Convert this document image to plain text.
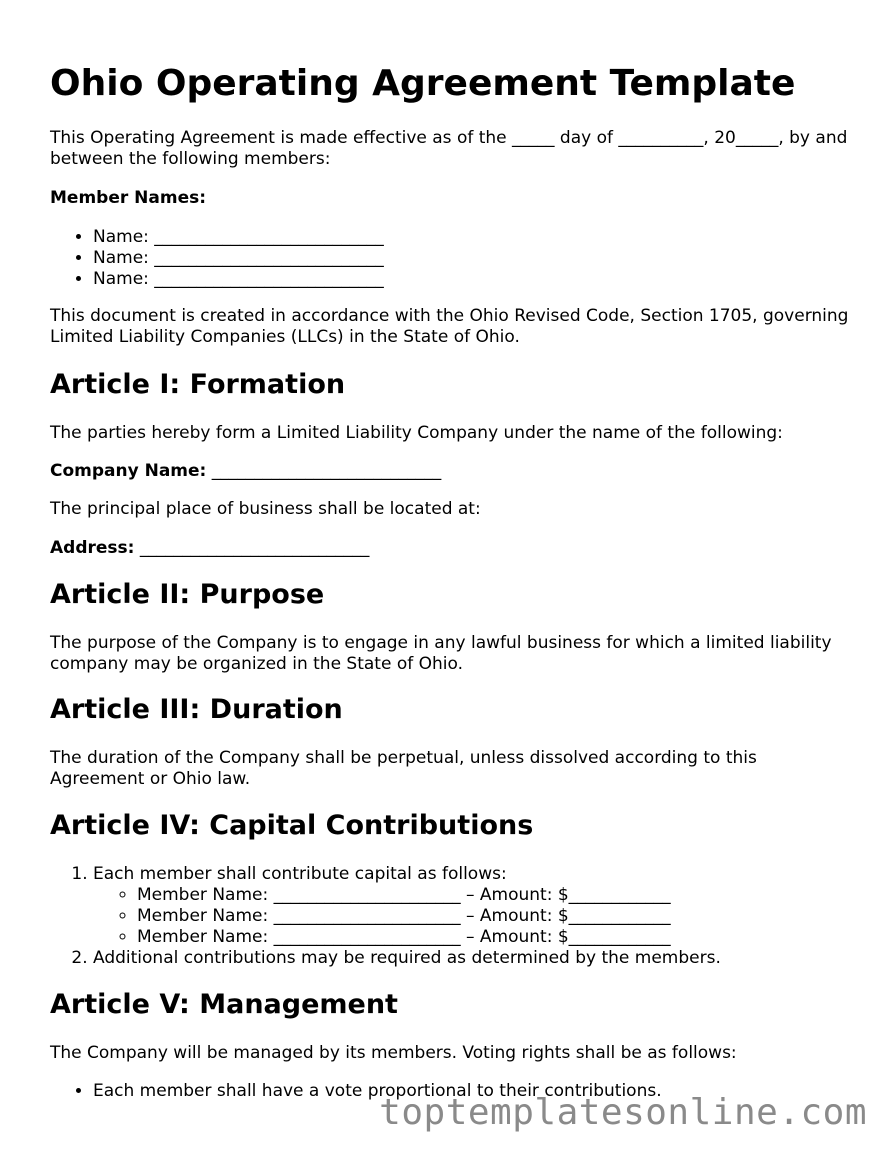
Ohio Operating Agreement Template

This Operating Agreement is made effective as of the _____ day of __________, 20_____, by and between the following members:

Member Names:

• Name: ___________________________
• Name: ___________________________
• Name: ___________________________

This document is created in accordance with the Ohio Revised Code, Section 1705, governing Limited Liability Companies (LLCs) in the State of Ohio.

Article I: Formation

The parties hereby form a Limited Liability Company under the name of the following:

Company Name: ___________________________

The principal place of business shall be located at:

Address: ___________________________

Article II: Purpose

The purpose of the Company is to engage in any lawful business for which a limited liability company may be organized in the State of Ohio.

Article III: Duration

The duration of the Company shall be perpetual, unless dissolved according to this Agreement or Ohio law.

Article IV: Capital Contributions
1. Each member shall contribute capital as follows:
◦ Member Name: ______________________ – Amount: $____________
◦ Member Name: ______________________ – Amount: $____________
◦ Member Name: ______________________ – Amount: $____________
2. Additional contributions may be required as determined by the members.
Article V: Management

The Company will be managed by its members. Voting rights shall be as follows:

• Each member shall have a vote proportional to their contributions.
toptemplatesonline.com
